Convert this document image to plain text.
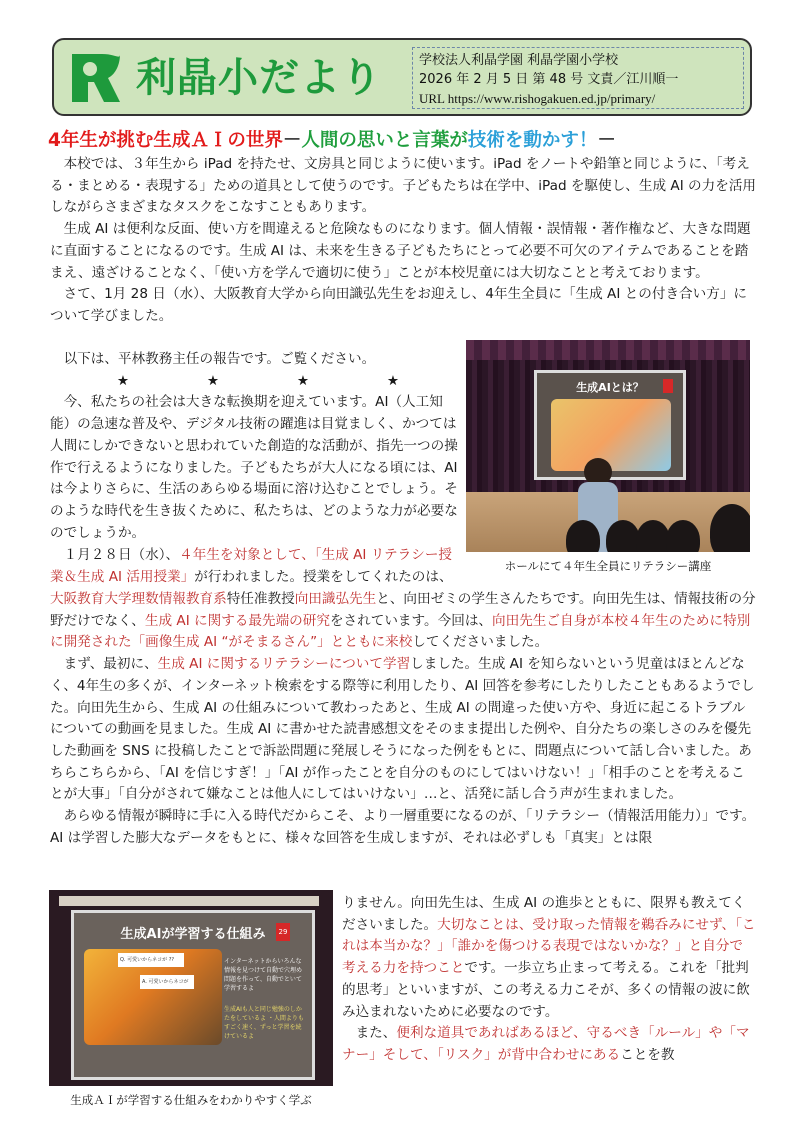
利晶小だより	学校法人利晶学園 利晶学園小学校
2026 年 2 月 5 日 第 48 号 文責／江川順一
URL https://www.rishogakuen.ed.jp/primary/
4年生が挑む生成ＡＩの世界－人間の思いと言葉が技術を動かす！－

本校では、３年生から iPad を持たせ、文房具と同じように使います。iPad をノートや鉛筆と同じように、「考える・まとめる・表現する」ための道具として使うのです。子どもたちは在学中、iPad を駆使し、生成 AI の力を活用しながらさまざまなタスクをこなすこともあります。

生成 AI は便利な反面、使い方を間違えると危険なものになります。個人情報・誤情報・著作権など、大きな問題に直面することになるのです。生成 AI は、未来を生きる子どもたちにとって必要不可欠のアイテムであることを踏まえ、遠ざけることなく、「使い方を学んで適切に使う」ことが本校児童には大切なことと考えております。

さて、1月 28 日（水）、大阪教育大学から向田識弘先生をお迎えし、4年生全員に「生成 AI との付き合い方」について学びました。

以下は、平林教務主任の報告です。ご覧ください。

★	★	★	★

今、私たちの社会は大きな転換期を迎えています。AI（人工知能）の急速な普及や、デジタル技術の躍進は目覚ましく、かつては人間にしかできないと思われていた創造的な活動が、指先一つの操作で行えるようになりました。子どもたちが大人になる頃には、AI は今よりさらに、生活のあらゆる場面に溶け込むことでしょう。そのような時代を生き抜くために、私たちは、どのような力が必要なのでしょうか。

生成AIとは？
ホールにて４年生全員にリテラシー講座

１月２８日（水）、４年生を対象として、「生成 AI リテラシー授業＆生成 AI 活用授業」が行われました。授業をしてくれたのは、

大阪教育大学理数情報教育系特任准教授向田識弘先生と、向田ゼミの学生さんたちです。向田先生は、情報技術の分野だけでなく、生成 AI に関する最先端の研究をされています。今回は、向田先生ご自身が本校４年生のために特別に開発された「画像生成 AI “がそまるさん”」とともに来校してくださいました。

まず、最初に、生成 AI に関するリテラシーについて学習しました。生成 AI を知らないという児童はほとんどなく、4年生の多くが、インターネット検索をする際等に利用したり、AI 回答を参考にしたりしたこともあるようでした。向田先生から、生成 AI の仕組みについて教わったあと、生成 AI の間違った使い方や、身近に起こるトラブルについての動画を見ました。生成 AI に書かせた読書感想文をそのまま提出した例や、自分たちの楽しさのみを優先した動画を SNS に投稿したことで訴訟問題に発展しそうになった例をもとに、問題点について話し合いました。あちらこちらから、「AI を信じすぎ！」「AI が作ったことを自分のものにしてはいけない！」「相手のことを考えることが大事」「自分がされて嫌なことは他人にしてはいけない」…と、活発に話し合う声が生まれました。

あらゆる情報が瞬時に手に入る時代だからこそ、より一層重要になるのが、「リテラシー（情報活用能力）」です。AI は学習した膨大なデータをもとに、様々な回答を生成しますが、それは必ずしも「真実」とは限

生成AIが学習する仕組み	29
Q. 可愛いからネコが ??
A. 可愛いからネコが
インターネットからいろんな情報を見つけて自動で穴埋め問題を作って、自動でといて学習するよ
生成AIも人と同じ勉強のしかたをしているよ ・人間よりもすごく速く、ずっと学習を続けているよ
生成ＡＩが学習する仕組みをわかりやすく学ぶ

りません。向田先生は、生成 AI の進歩とともに、限界も教えてくださいました。大切なことは、受け取った情報を鵜呑みにせず、「これは本当かな？」「誰かを傷つける表現ではないかな？」と自分で考える力を持つことです。一歩立ち止まって考える。これを「批判的思考」といいますが、この考える力こそが、多くの情報の波に飲み込まれないために必要なのです。

また、便利な道具であればあるほど、守るべき「ルール」や「マナー」そして、「リスク」が背中合わせにあることを教
